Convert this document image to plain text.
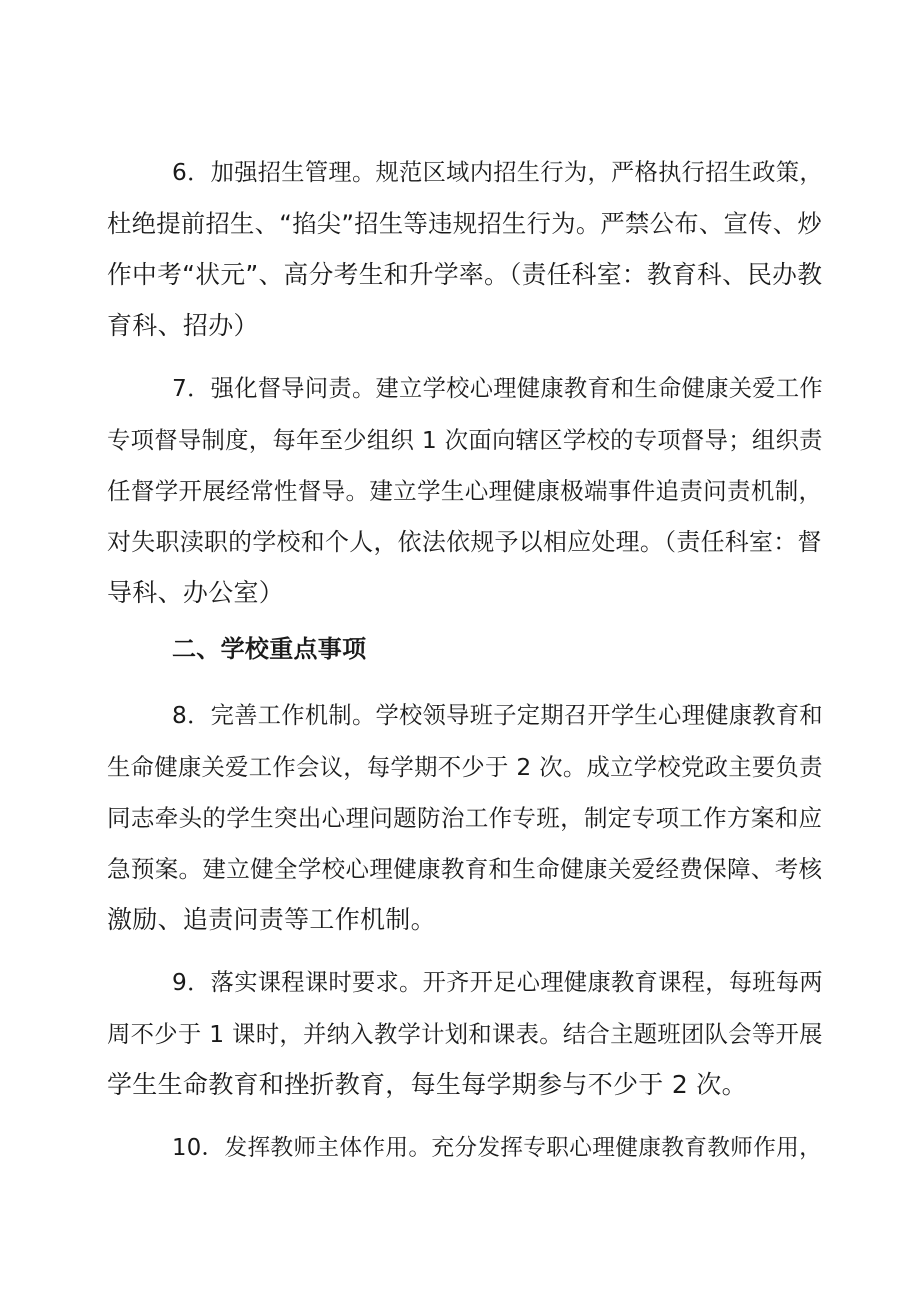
6．加强招生管理。规范区域内招生行为，严格执行招生政策，
杜绝提前招生、“掐尖”招生等违规招生行为。严禁公布、宣传、炒
作中考“状元”、高分考生和升学率。（责任科室：教育科、民办教
育科、招办）
7．强化督导问责。建立学校心理健康教育和生命健康关爱工作
专项督导制度，每年至少组织 1 次面向辖区学校的专项督导；组织责
任督学开展经常性督导。建立学生心理健康极端事件追责问责机制，
对失职渎职的学校和个人，依法依规予以相应处理。（责任科室：督
导科、办公室）
二、学校重点事项
8．完善工作机制。学校领导班子定期召开学生心理健康教育和
生命健康关爱工作会议，每学期不少于 2 次。成立学校党政主要负责
同志牵头的学生突出心理问题防治工作专班，制定专项工作方案和应
急预案。建立健全学校心理健康教育和生命健康关爱经费保障、考核
激励、追责问责等工作机制。
9．落实课程课时要求。开齐开足心理健康教育课程，每班每两
周不少于 1 课时，并纳入教学计划和课表。结合主题班团队会等开展
学生生命教育和挫折教育，每生每学期参与不少于 2 次。
10．发挥教师主体作用。充分发挥专职心理健康教育教师作用，
